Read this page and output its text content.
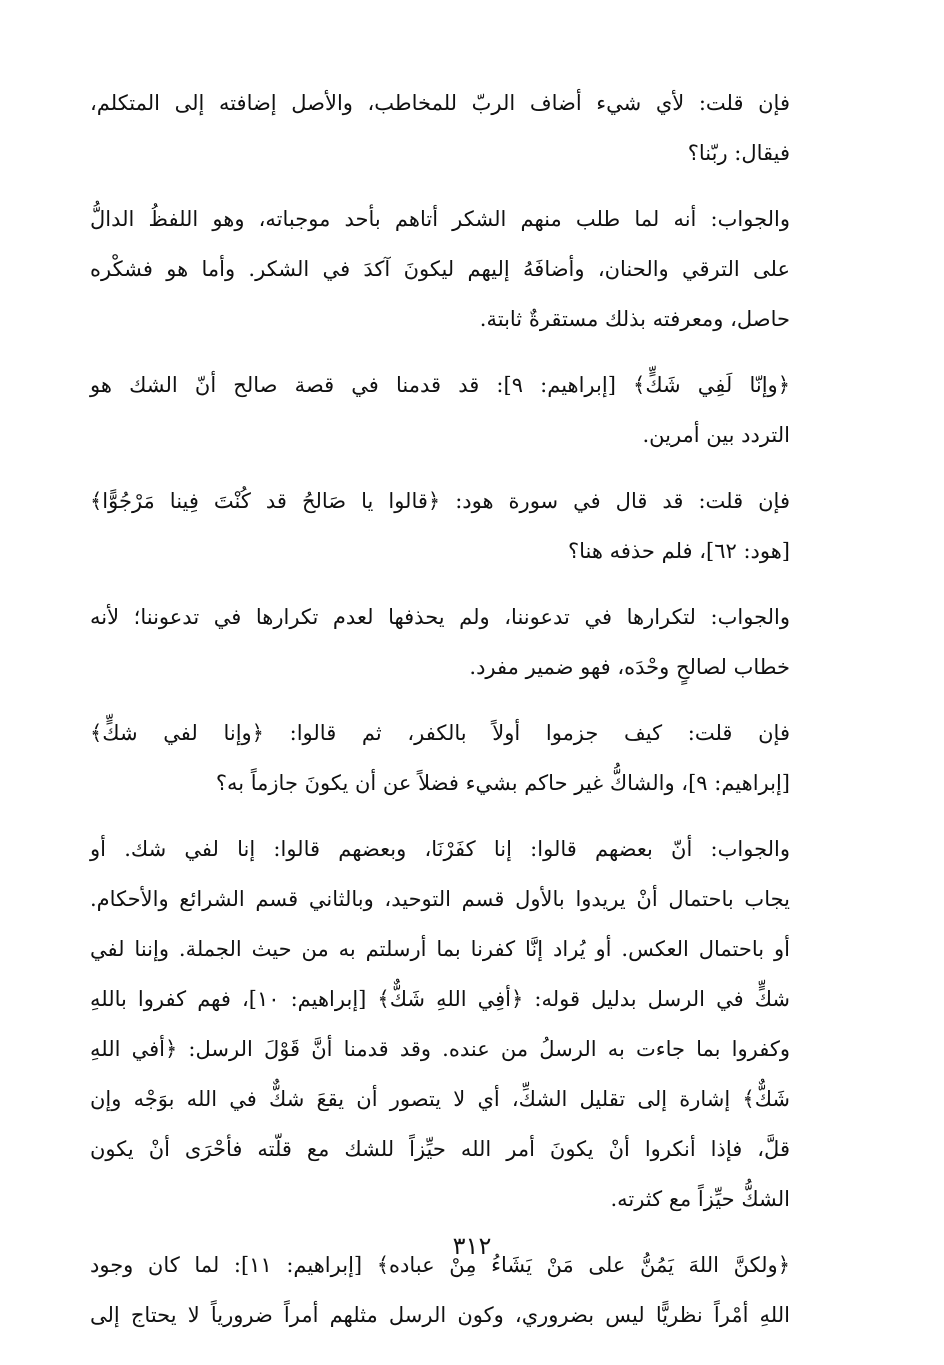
فإن قلت: لأي شيء أضاف الربّ للمخاطب، والأصل إضافته إلى المتكلم،
فيقال: ربّنا؟
والجواب: أنه لما طلب منهم الشكر أتاهم بأحد موجباته، وهو اللفظُ الدالُّ
على الترقي والحنان، وأضافَهُ إليهم ليكونَ آكدَ في الشكر. وأما هو فشكْره
حاصل، ومعرفته بذلك مستقرةٌ ثابتة.
﴿وإنّا لَفِي شَكٍّ﴾ [إبراهيم: ٩]: قد قدمنا في قصة صالح أنّ الشك هو
التردد بين أمرين.
فإن قلت: قد قال في سورة هود: ﴿قالوا يا صَالحُ قد كُنْتَ فِينا مَرْجُوًّا﴾
[هود: ٦٢]، فلم حذفه هنا؟
والجواب: لتكرارها في تدعوننا، ولم يحذفها لعدم تكرارها في تدعوننا؛ لأنه
خطاب لصالحٍ وحْدَه، فهو ضمير مفرد.
فإن قلت: كيف جزموا أولاً بالكفر، ثم قالوا: ﴿وإنا لفي شكٍّ﴾
[إبراهيم: ٩]، والشاكُّ غير حاكم بشيء فضلاً عن أن يكونَ جازماً به؟
والجواب: أنّ بعضهم قالوا: إنا كفَرْنَا، وبعضهم قالوا: إنا لفي شك. أو
يجاب باحتمال أنْ يريدوا بالأول قسم التوحيد، وبالثاني قسم الشرائع والأحكام.
أو باحتمال العكس. أو يُراد إنَّا كفرنا بما أرسلتم به من حيث الجملة. وإننا لفي
شكٍّ في الرسل بدليل قوله: ﴿أفِي اللهِ شَكٌّ﴾ [إبراهيم: ١٠]، فهم كفروا باللهِ
وكفروا بما جاءت به الرسلُ من عنده. وقد قدمنا أنَّ قَوْلَ الرسل: ﴿أفي اللهِ
شَكٌّ﴾ إشارة إلى تقليل الشكِّ، أي لا يتصور أن يقعَ شكٌّ في الله بوَجْه وإن
قلَّ، فإذا أنكروا أنْ يكونَ أمر الله حيِّزاً للشك مع قلّته فأحْرَى أنْ يكون
الشكُّ حيِّزاً مع كثرته.
﴿ولكنَّ اللهَ يَمُنُّ على مَنْ يَشَاءُ مِنْ عباده﴾ [إبراهيم: ١١]: لما كان وجود
اللهِ أمْراً نظريًّا ليس بضروري، وكون الرسل مثلهم أمراً ضرورياً لا يحتاج إلى
٣١٢
